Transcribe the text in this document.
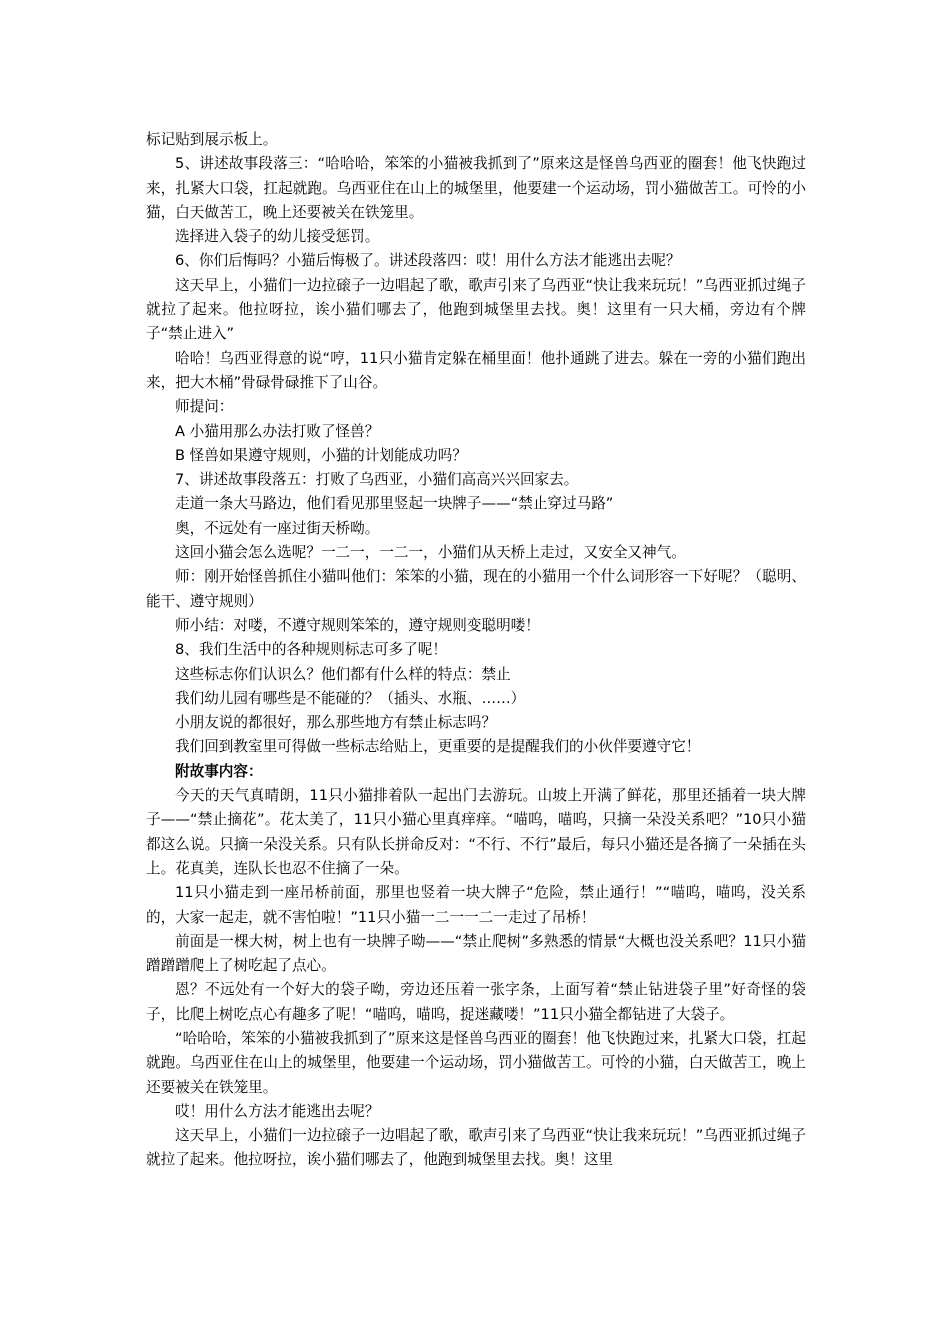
标记贴到展示板上。

5、讲述故事段落三：“哈哈哈，笨笨的小猫被我抓到了”原来这是怪兽乌西亚的圈套！他飞快跑过来，扎紧大口袋，扛起就跑。乌西亚住在山上的城堡里，他要建一个运动场，罚小猫做苦工。可怜的小猫，白天做苦工，晚上还要被关在铁笼里。

选择进入袋子的幼儿接受惩罚。

6、你们后悔吗？小猫后悔极了。讲述段落四：哎！用什么方法才能逃出去呢？

这天早上，小猫们一边拉磙子一边唱起了歌，歌声引来了乌西亚“快让我来玩玩！”乌西亚抓过绳子就拉了起来。他拉呀拉，诶小猫们哪去了，他跑到城堡里去找。奥！这里有一只大桶，旁边有个牌子“禁止进入”

哈哈！乌西亚得意的说“哼，11只小猫肯定躲在桶里面！他扑通跳了进去。躲在一旁的小猫们跑出来，把大木桶”骨碌骨碌推下了山谷。

师提问：

A 小猫用那么办法打败了怪兽？

B 怪兽如果遵守规则，小猫的计划能成功吗？

7、讲述故事段落五：打败了乌西亚，小猫们高高兴兴回家去。

走道一条大马路边，他们看见那里竖起一块牌子——“禁止穿过马路”

奥，不远处有一座过街天桥呦。

这回小猫会怎么选呢？一二一，一二一，小猫们从天桥上走过，又安全又神气。

师：刚开始怪兽抓住小猫叫他们：笨笨的小猫，现在的小猫用一个什么词形容一下好呢？（聪明、能干、遵守规则）

师小结：对喽，不遵守规则笨笨的，遵守规则变聪明喽！

8、我们生活中的各种规则标志可多了呢！

这些标志你们认识么？他们都有什么样的特点：禁止

我们幼儿园有哪些是不能碰的？（插头、水瓶、……）

小朋友说的都很好，那么那些地方有禁止标志吗？

我们回到教室里可得做一些标志给贴上，更重要的是提醒我们的小伙伴要遵守它！

附故事内容：

今天的天气真晴朗，11只小猫排着队一起出门去游玩。山坡上开满了鲜花，那里还插着一块大牌子——“禁止摘花”。花太美了，11只小猫心里真痒痒。“喵呜，喵呜，只摘一朵没关系吧？”10只小猫都这么说。只摘一朵没关系。只有队长拼命反对：“不行、不行”最后，每只小猫还是各摘了一朵插在头上。花真美，连队长也忍不住摘了一朵。

11只小猫走到一座吊桥前面，那里也竖着一块大牌子“危险，禁止通行！”“喵呜，喵呜，没关系的，大家一起走，就不害怕啦！”11只小猫一二一一二一走过了吊桥！

前面是一棵大树，树上也有一块牌子呦——“禁止爬树”多熟悉的情景“大概也没关系吧？11只小猫蹭蹭蹭爬上了树吃起了点心。

恩？不远处有一个好大的袋子呦，旁边还压着一张字条，上面写着“禁止钻进袋子里”好奇怪的袋子，比爬上树吃点心有趣多了呢！“喵呜，喵呜，捉迷藏喽！”11只小猫全都钻进了大袋子。

“哈哈哈，笨笨的小猫被我抓到了”原来这是怪兽乌西亚的圈套！他飞快跑过来，扎紧大口袋，扛起就跑。乌西亚住在山上的城堡里，他要建一个运动场，罚小猫做苦工。可怜的小猫，白天做苦工，晚上还要被关在铁笼里。

哎！用什么方法才能逃出去呢？

这天早上，小猫们一边拉磙子一边唱起了歌，歌声引来了乌西亚“快让我来玩玩！”乌西亚抓过绳子就拉了起来。他拉呀拉，诶小猫们哪去了，他跑到城堡里去找。奥！这里
